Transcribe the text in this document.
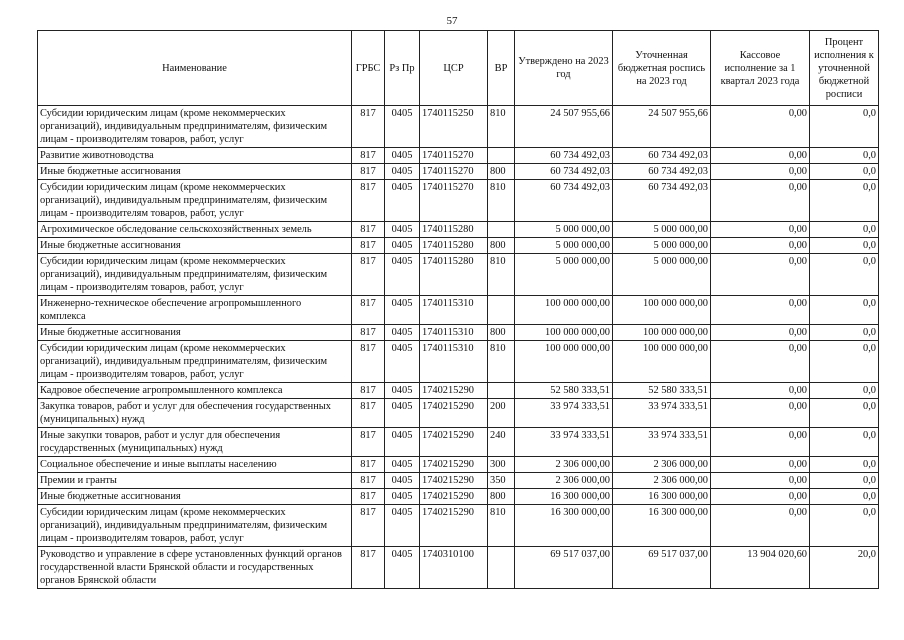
57
Наименование	ГРБС	Рз Пр	ЦСР	ВР	Утверждено на 2023 год	Уточненная бюджетная роспись на 2023 год	Кассовое исполнение за 1 квартал 2023 года	Процент исполнения к уточненной бюджетной росписи
Субсидии юридическим лицам (кроме некоммерческих организаций), индивидуальным предпринимателям, физическим лицам - производителям товаров, работ, услуг	817	0405	1740115250	810	24 507 955,66	24 507 955,66	0,00	0,0
Развитие животноводства	817	0405	1740115270		60 734 492,03	60 734 492,03	0,00	0,0
Иные бюджетные ассигнования	817	0405	1740115270	800	60 734 492,03	60 734 492,03	0,00	0,0
Субсидии юридическим лицам (кроме некоммерческих организаций), индивидуальным предпринимателям, физическим лицам - производителям товаров, работ, услуг	817	0405	1740115270	810	60 734 492,03	60 734 492,03	0,00	0,0
Агрохимическое обследование сельскохозяйственных земель	817	0405	1740115280		5 000 000,00	5 000 000,00	0,00	0,0
Иные бюджетные ассигнования	817	0405	1740115280	800	5 000 000,00	5 000 000,00	0,00	0,0
Субсидии юридическим лицам (кроме некоммерческих организаций), индивидуальным предпринимателям, физическим лицам - производителям товаров, работ, услуг	817	0405	1740115280	810	5 000 000,00	5 000 000,00	0,00	0,0
Инженерно-техническое обеспечение агропромышленного комплекса	817	0405	1740115310		100 000 000,00	100 000 000,00	0,00	0,0
Иные бюджетные ассигнования	817	0405	1740115310	800	100 000 000,00	100 000 000,00	0,00	0,0
Субсидии юридическим лицам (кроме некоммерческих организаций), индивидуальным предпринимателям, физическим лицам - производителям товаров, работ, услуг	817	0405	1740115310	810	100 000 000,00	100 000 000,00	0,00	0,0
Кадровое обеспечение агропромышленного комплекса	817	0405	1740215290		52 580 333,51	52 580 333,51	0,00	0,0
Закупка товаров, работ и услуг для обеспечения государственных (муниципальных) нужд	817	0405	1740215290	200	33 974 333,51	33 974 333,51	0,00	0,0
Иные закупки товаров, работ и услуг для обеспечения государственных (муниципальных) нужд	817	0405	1740215290	240	33 974 333,51	33 974 333,51	0,00	0,0
Социальное обеспечение и иные выплаты населению	817	0405	1740215290	300	2 306 000,00	2 306 000,00	0,00	0,0
Премии и гранты	817	0405	1740215290	350	2 306 000,00	2 306 000,00	0,00	0,0
Иные бюджетные ассигнования	817	0405	1740215290	800	16 300 000,00	16 300 000,00	0,00	0,0
Субсидии юридическим лицам (кроме некоммерческих организаций), индивидуальным предпринимателям, физическим лицам - производителям товаров, работ, услуг	817	0405	1740215290	810	16 300 000,00	16 300 000,00	0,00	0,0
Руководство и управление в сфере установленных функций органов государственной власти Брянской области и государственных органов Брянской области	817	0405	1740310100		69 517 037,00	69 517 037,00	13 904 020,60	20,0
